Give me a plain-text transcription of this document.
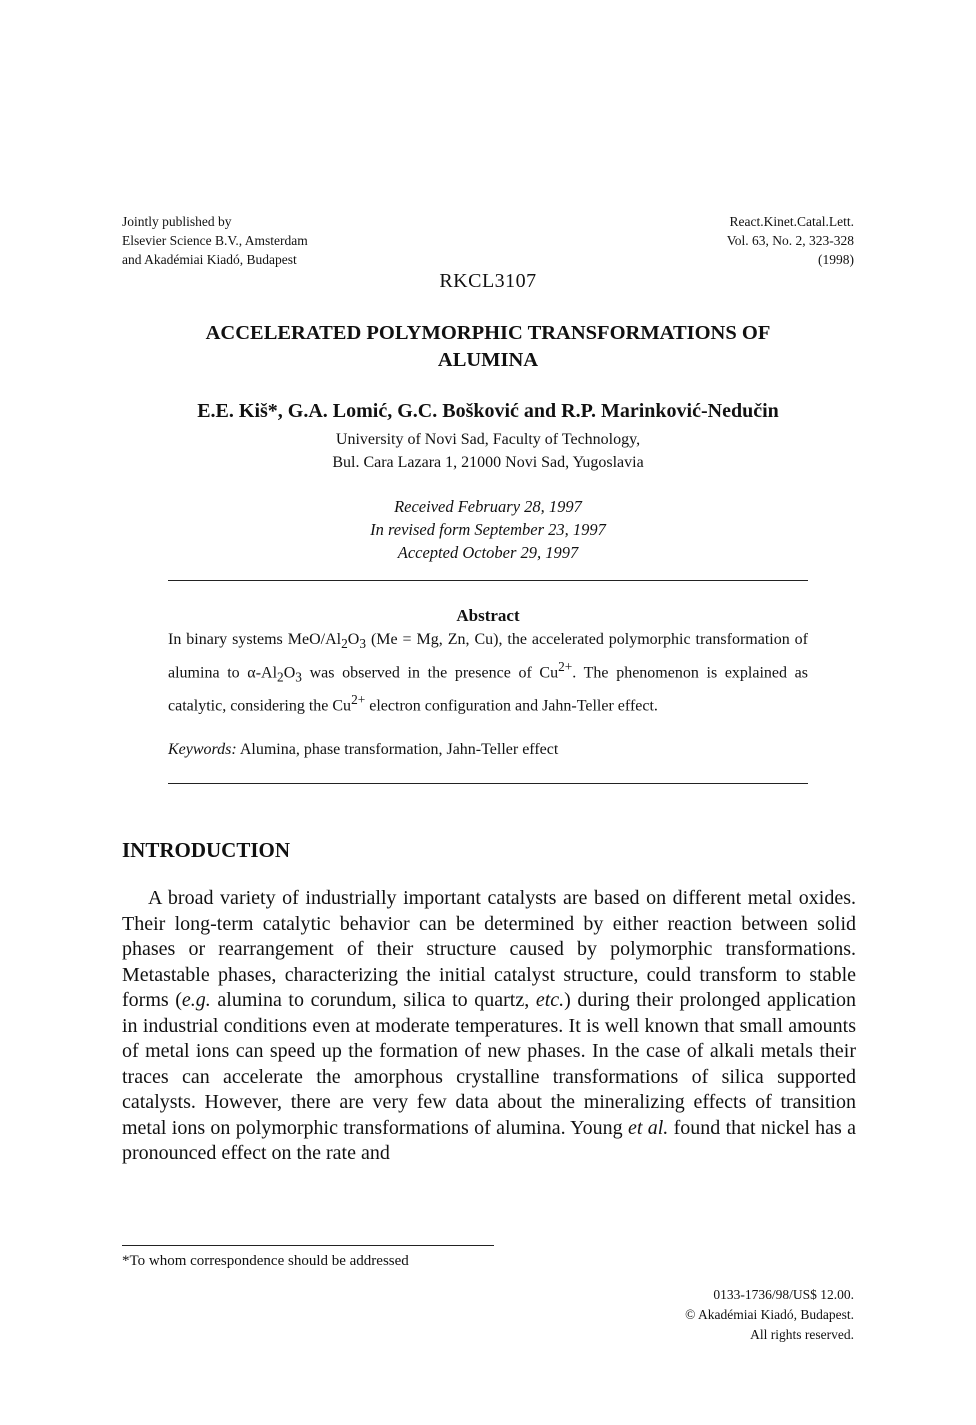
Jointly published by
Elsevier Science B.V., Amsterdam
and Akadémiai Kiadó, Budapest
React.Kinet.Catal.Lett.
Vol. 63, No. 2, 323-328
(1998)
RKCL3107
ACCELERATED POLYMORPHIC TRANSFORMATIONS OF
ALUMINA
E.E. Kiš*, G.A. Lomić, G.C. Bošković and R.P. Marinković-Nedučin
University of Novi Sad, Faculty of Technology,
Bul. Cara Lazara 1, 21000 Novi Sad, Yugoslavia
Received February 28, 1997
In revised form September 23, 1997
Accepted October 29, 1997
Abstract
In binary systems MeO/$Al_2O_3$ (Me = Mg, Zn, Cu), the accelerated polymorphic transformation of alumina to $\alpha-Al_2O_3$ was observed in the presence of $Cu^{2+}$. The phenomenon is explained as catalytic, considering the $Cu^{2+}$ electron configuration and Jahn-Teller effect.
Keywords: Alumina, phase transformation, Jahn-Teller effect
INTRODUCTION

A broad variety of industrially important catalysts are based on different metal oxides. Their long-term catalytic behavior can be determined by either reaction between solid phases or rearrangement of their structure caused by polymorphic transformations. Metastable phases, characterizing the initial catalyst structure, could transform to stable forms (e.g. alumina to corundum, silica to quartz, etc.) during their prolonged application in industrial conditions even at moderate temperatures. It is well known that small amounts of metal ions can speed up the formation of new phases. In the case of alkali metals their traces can accelerate the amorphous crystalline transformations of silica supported catalysts. However, there are very few data about the mineralizing effects of transition metal ions on polymorphic transformations of alumina. Young et al. found that nickel has a pronounced effect on the rate and

*To whom correspondence should be addressed
0133-1736/98/US$ 12.00.
© Akadémiai Kiadó, Budapest.
All rights reserved.
